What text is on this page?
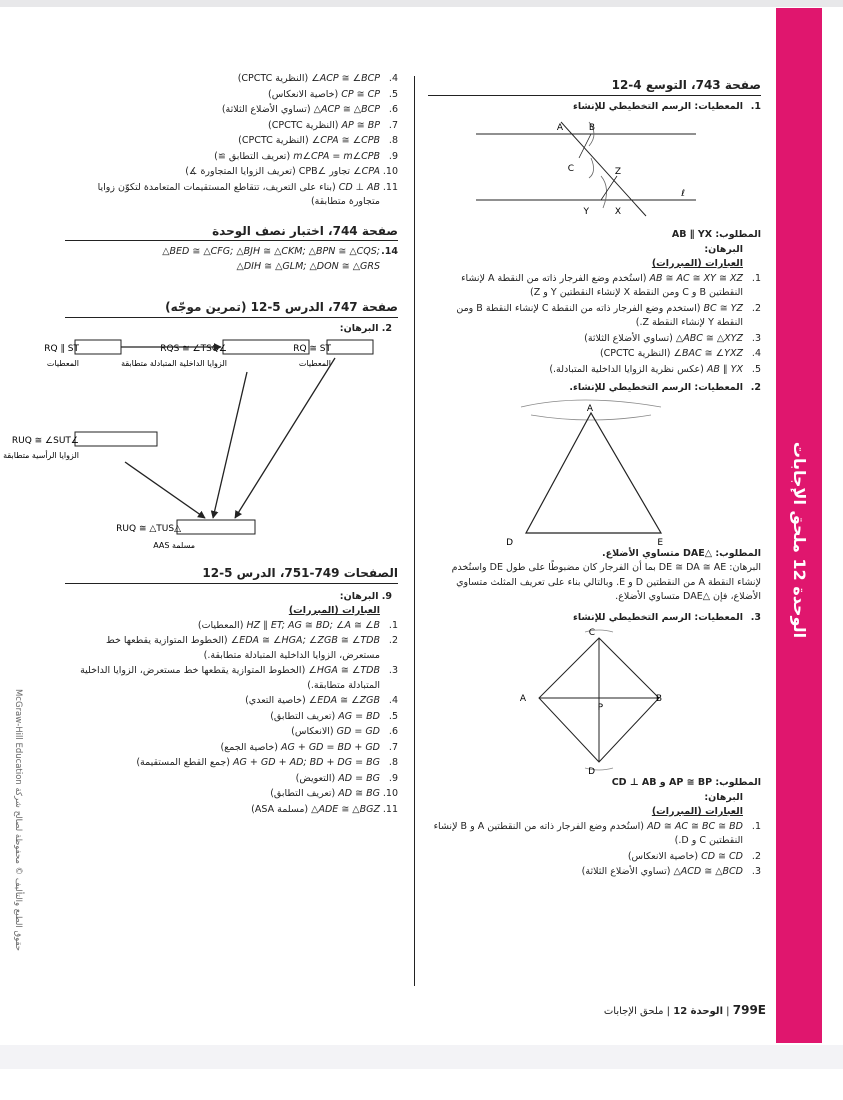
الوحدة 12 ملحق الإجابات
حقوق الطبع والتأليف © محفوظة لصالح شركة McGraw-Hill Education
صفحة 743، التوسع 4-12
1.
المعطيات: الرسم التخطيطي للإنشاء
A	B
C	Z
Y	X
ℓ
المطلوب: AB ∥ YX
البرهان:
العبارات (المبررات)
1.
AB ≅ AC ≅ XY ≅ XZ (استُخدم وضع الفرجار ذاته من النقطة A لإنشاء النقطتين B و C ومن النقطة X لإنشاء النقطتين Y و Z)
2.
BC ≅ YZ (استخدم وضع الفرجار ذاته من النقطة C لإنشاء النقطة B ومن النقطة Y لإنشاء النقطة Z.)
3.
△ABC ≅ △XYZ (تساوي الأضلاع الثلاثة)
4.
∠BAC ≅ ∠YXZ (النظرية CPCTC)
5.
AB ∥ YX (عكس نظرية الزوايا الداخلية المتبادلة.)
2.
المعطيات: الرسم التخطيطي للإنشاء.
A
D	E
المطلوب: △DAE متساوي الأضلاع.
البرهان: DE ≅ DA ≅ AE بما أن الفرجار كان مضبوطًا على طول DE واستُخدم لإنشاء النقطة A من النقطتين D و E. وبالتالي بناء على تعريف المثلث متساوي الأضلاع، فإن △DAE متساوي الأضلاع.
3.
المعطيات: الرسم التخطيطي للإنشاء
C
A	B
P
D
المطلوب: AP ≅ BP و CD ⊥ AB
البرهان:
العبارات (المبررات)
1.
AD ≅ AC ≅ BC ≅ BD (استُخدم وضع الفرجار ذاته من النقطتين A و B لإنشاء النقطتين C و D.)
2.
CD ≅ CD (خاصية الانعكاس)
3.
△ACD ≅ △BCD (تساوي الأضلاع الثلاثة)
4.
∠ACP ≅ ∠BCP (النظرية CPCTC)
5.
CP ≅ CP (خاصية الانعكاس)
6.
△ACP ≅ △BCP (تساوي الأضلاع الثلاثة)
7.
AP ≅ BP (النظرية CPCTC)
8.
∠CPA ≅ ∠CPB (النظرية CPCTC)
9.
m∠CPA = m∠CPB (تعريف التطابق ≅)
10.
∠CPA تجاور ∠CPB (تعريف الزوايا المتجاورة ∡)
11.
CD ⊥ AB (بناء على التعريف، تتقاطع المستقيمات المتعامدة لتكوّن زوايا متجاورة متطابقة)
صفحة 744، اختبار نصف الوحدة
14.
△BED ≅ △CFG; △BJH ≅ △CKM; △BPN ≅ △CQS;
△DIH ≅ △GLM; △DON ≅ △GRS
صفحة 747، الدرس 5-12 (تمرين موجّه)
2. البرهان:
RQ ∥ ST
المعطيات
∠RQS ≅ ∠TSQ
الزوايا الداخلية المتبادلة متطابقة
RQ ≅ ST
المعطيات
∠RUQ ≅ ∠SUT
الزوايا الرأسية متطابقة
△RUQ ≅ △TUS
مسلمة AAS
الصفحات 749-751، الدرس 5-12
9. البرهان:
العبارات (المبررات)
1.
HZ ∥ ET; AG ≅ BD; ∠A ≅ ∠B (المعطيات)
2.
∠EDA ≅ ∠HGA; ∠ZGB ≅ ∠TDB (الخطوط المتوازية يقطعها خط مستعرض، الزوايا الداخلية المتبادلة متطابقة.)
3.
∠HGA ≅ ∠TDB (الخطوط المتوازية يقطعها خط مستعرض، الزوايا الداخلية المتبادلة متطابقة.)
4.
∠EDA ≅ ∠ZGB (خاصية التعدي)
5.
AG = BD (تعريف التطابق)
6.
GD = GD (الانعكاس)
7.
AG + GD = BD + GD (خاصية الجمع)
8.
AG + GD + AD; BD + DG = BG (جمع القطع المستقيمة)
9.
AD = BG (التعويض)
10.
AD ≅ BG (تعريف التطابق)
11.
△ADE ≅ △BGZ (مسلمة ASA)
799E | الوحدة 12 | ملحق الإجابات
